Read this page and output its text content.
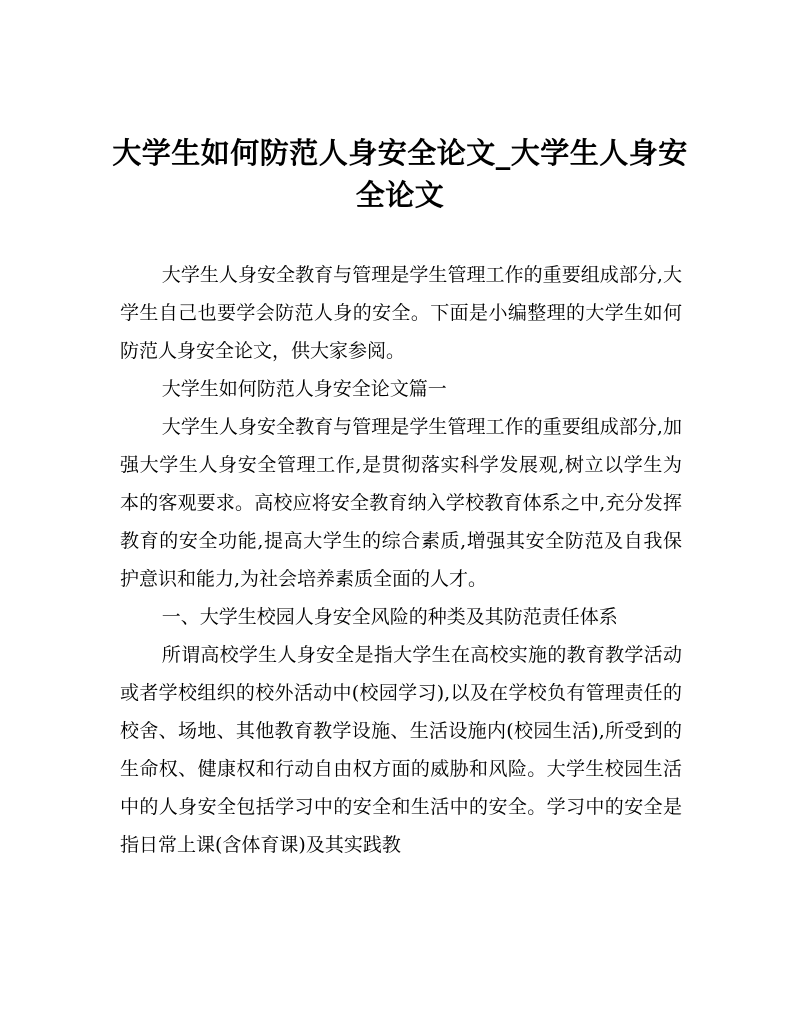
大学生如何防范人身安全论文_大学生人身安全论文

大学生人身安全教育与管理是学生管理工作的重要组成部分,大学生自己也要学会防范人身的安全。下面是小编整理的大学生如何防范人身安全论文，供大家参阅。

大学生如何防范人身安全论文篇一

大学生人身安全教育与管理是学生管理工作的重要组成部分,加强大学生人身安全管理工作,是贯彻落实科学发展观,树立以学生为本的客观要求。高校应将安全教育纳入学校教育体系之中,充分发挥教育的安全功能,提高大学生的综合素质,增强其安全防范及自我保护意识和能力,为社会培养素质全面的人才。

一、大学生校园人身安全风险的种类及其防范责任体系

所谓高校学生人身安全是指大学生在高校实施的教育教学活动或者学校组织的校外活动中(校园学习),以及在学校负有管理责任的校舍、场地、其他教育教学设施、生活设施内(校园生活),所受到的生命权、健康权和行动自由权方面的威胁和风险。大学生校园生活中的人身安全包括学习中的安全和生活中的安全。学习中的安全是指日常上课(含体育课)及其实践教
